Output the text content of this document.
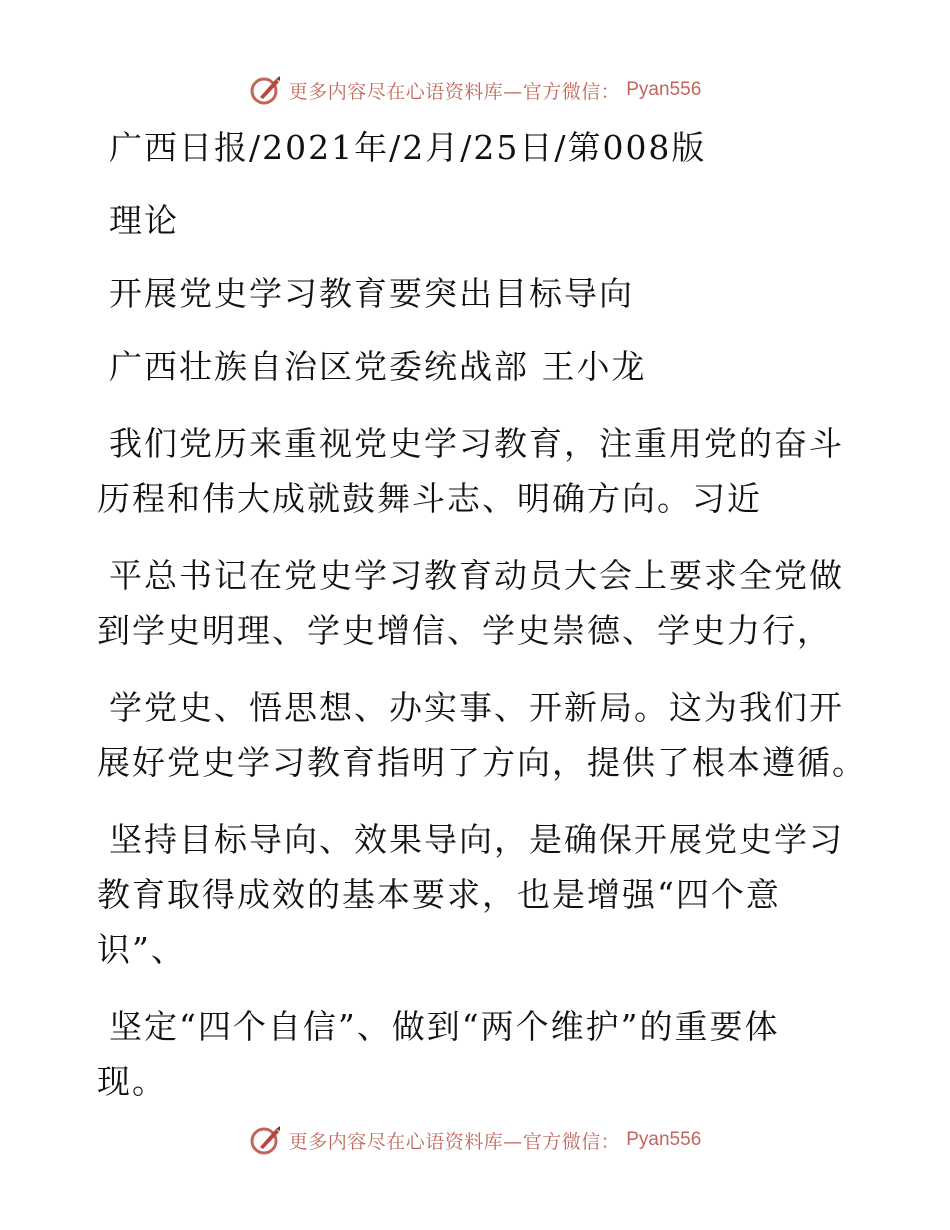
更多内容尽在心语资料库—官方微信： Pyan556
广西日报/2021年/2月/25日/第008版
理论
开展党史学习教育要突出目标导向
广西壮族自治区党委统战部 王小龙
我们党历来重视党史学习教育，注重用党的奋斗
历程和伟大成就鼓舞斗志、明确方向。习近
平总书记在党史学习教育动员大会上要求全党做
到学史明理、学史增信、学史崇德、学史力行，
学党史、悟思想、办实事、开新局。这为我们开
展好党史学习教育指明了方向，提供了根本遵循。
坚持目标导向、效果导向，是确保开展党史学习
教育取得成效的基本要求，也是增强“四个意
识”、
坚定“四个自信”、做到“两个维护”的重要体
现。
更多内容尽在心语资料库—官方微信： Pyan556
